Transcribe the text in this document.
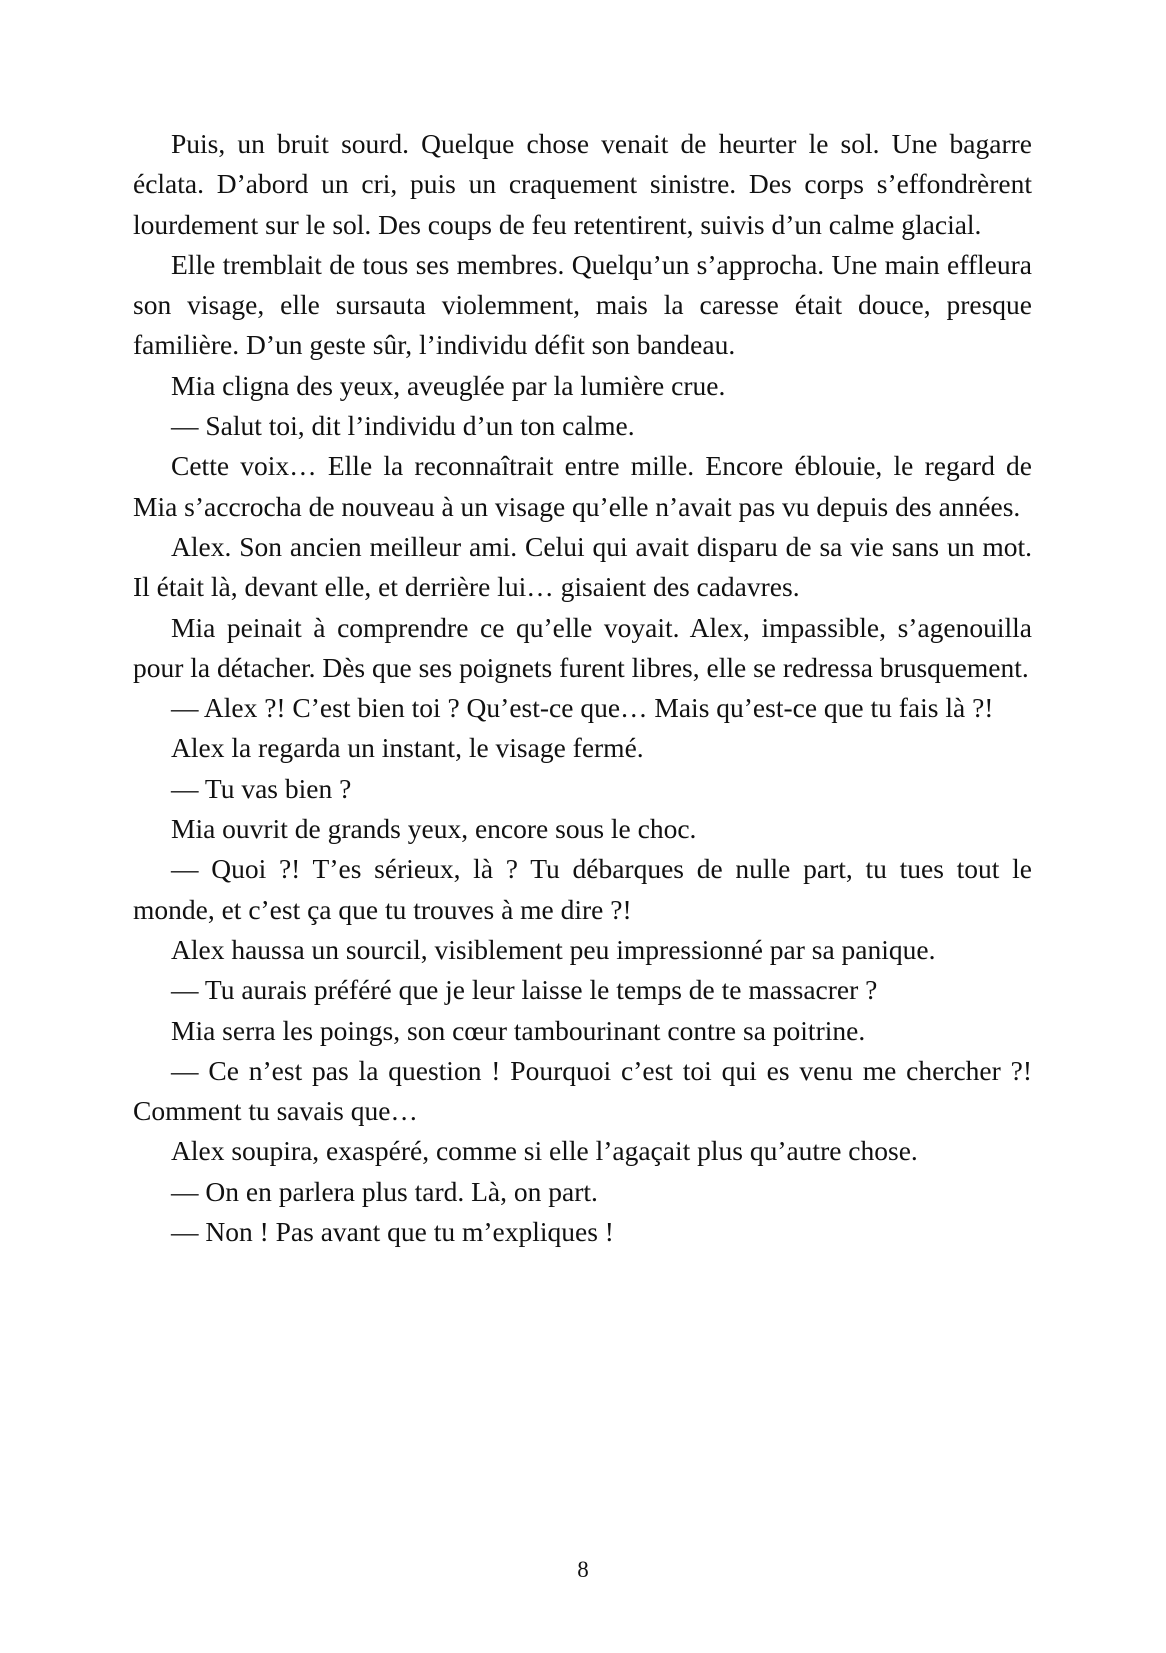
Puis, un bruit sourd. Quelque chose venait de heurter le sol. Une bagarre éclata. D’abord un cri, puis un craquement sinistre. Des corps s’effondrèrent lourdement sur le sol. Des coups de feu retentirent, suivis d’un calme glacial.

Elle tremblait de tous ses membres. Quelqu’un s’approcha. Une main effleura son visage, elle sursauta violemment, mais la caresse était douce, presque familière. D’un geste sûr, l’individu défit son bandeau.

Mia cligna des yeux, aveuglée par la lumière crue.

— Salut toi, dit l’individu d’un ton calme.

Cette voix… Elle la reconnaîtrait entre mille. Encore éblouie, le regard de Mia s’accrocha de nouveau à un visage qu’elle n’avait pas vu depuis des années.

Alex. Son ancien meilleur ami. Celui qui avait disparu de sa vie sans un mot. Il était là, devant elle, et derrière lui… gisaient des cadavres.

Mia peinait à comprendre ce qu’elle voyait. Alex, impassible, s’agenouilla pour la détacher. Dès que ses poignets furent libres, elle se redressa brusquement.

— Alex ?! C’est bien toi ? Qu’est-ce que… Mais qu’est-ce que tu fais là ?!

Alex la regarda un instant, le visage fermé.

— Tu vas bien ?

Mia ouvrit de grands yeux, encore sous le choc.

— Quoi ?! T’es sérieux, là ? Tu débarques de nulle part, tu tues tout le monde, et c’est ça que tu trouves à me dire ?!

Alex haussa un sourcil, visiblement peu impressionné par sa panique.

— Tu aurais préféré que je leur laisse le temps de te massacrer ?

Mia serra les poings, son cœur tambourinant contre sa poitrine.

— Ce n’est pas la question ! Pourquoi c’est toi qui es venu me chercher ?! Comment tu savais que…

Alex soupira, exaspéré, comme si elle l’agaçait plus qu’autre chose.

— On en parlera plus tard. Là, on part.

— Non ! Pas avant que tu m’expliques !

8
